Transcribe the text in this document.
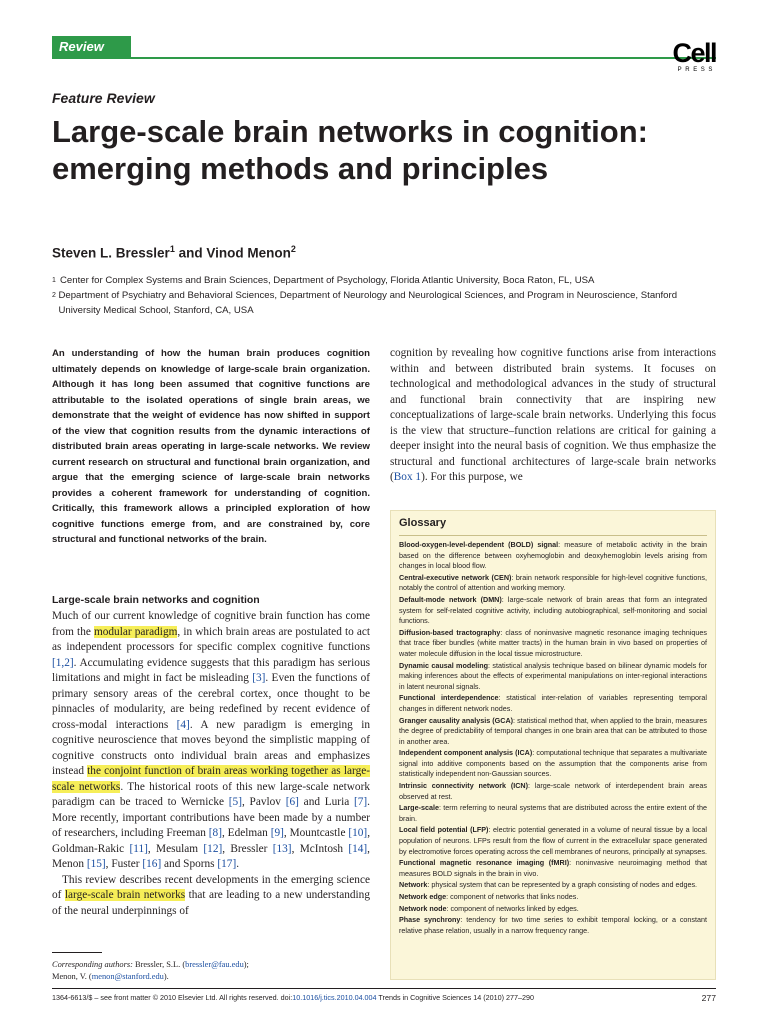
Review	Cell
PRESS
Feature Review
Large-scale brain networks in cognition: emerging methods and principles
Steven L. Bressler$^1$ and Vinod Menon$^2$
1 Center for Complex Systems and Brain Sciences, Department of Psychology, Florida Atlantic University, Boca Raton, FL, USA
2 Department of Psychiatry and Behavioral Sciences, Department of Neurology and Neurological Sciences, and Program in Neuroscience, Stanford University Medical School, Stanford, CA, USA

An understanding of how the human brain produces cognition ultimately depends on knowledge of large-scale brain organization. Although it has long been assumed that cognitive functions are attributable to the isolated operations of single brain areas, we demonstrate that the weight of evidence has now shifted in support of the view that cognition results from the dynamic interactions of distributed brain areas operating in large-scale networks. We review current research on structural and functional brain organization, and argue that the emerging science of large-scale brain networks provides a coherent framework for understanding of cognition. Critically, this framework allows a principled exploration of how cognitive functions emerge from, and are constrained by, core structural and functional networks of the brain.

Large-scale brain networks and cognition

Much of our current knowledge of cognitive brain function has come from the modular paradigm, in which brain areas are postulated to act as independent processors for specific complex cognitive functions [1,2]. Accumulating evidence suggests that this paradigm has serious limitations and might in fact be misleading [3]. Even the functions of primary sensory areas of the cerebral cortex, once thought to be pinnacles of modularity, are being redefined by recent evidence of cross-modal interactions [4]. A new paradigm is emerging in cognitive neuroscience that moves beyond the simplistic mapping of cognitive constructs onto individual brain areas and emphasizes instead the conjoint function of brain areas working together as large-scale networks. The historical roots of this new large-scale network paradigm can be traced to Wernicke [5], Pavlov [6] and Luria [7]. More recently, important contributions have been made by a number of researchers, including Freeman [8], Edelman [9], Mountcastle [10], Goldman-Rakic [11], Mesulam [12], Bressler [13], McIntosh [14], Menon [15], Fuster [16] and Sporns [17].

This review describes recent developments in the emerging science of large-scale brain networks that are leading to a new understanding of the neural underpinnings of

Corresponding authors: Bressler, S.L. (bressler@fau.edu);
Menon, V. (menon@stanford.edu).

cognition by revealing how cognitive functions arise from interactions within and between distributed brain systems. It focuses on technological and methodological advances in the study of structural and functional brain connectivity that are inspiring new conceptualizations of large-scale brain networks. Underlying this focus is the view that structure–function relations are critical for gaining a deeper insight into the neural basis of cognition. We thus emphasize the structural and functional architectures of large-scale brain networks (Box 1). For this purpose, we

Glossary

Blood-oxygen-level-dependent (BOLD) signal: measure of metabolic activity in the brain based on the difference between oxyhemoglobin and deoxyhemoglobin levels arising from changes in local blood flow.

Central-executive network (CEN): brain network responsible for high-level cognitive functions, notably the control of attention and working memory.

Default-mode network (DMN): large-scale network of brain areas that form an integrated system for self-related cognitive activity, including autobiographical, self-monitoring and social functions.

Diffusion-based tractography: class of noninvasive magnetic resonance imaging techniques that trace fiber bundles (white matter tracts) in the human brain in vivo based on properties of water molecule diffusion in the local tissue microstructure.

Dynamic causal modeling: statistical analysis technique based on bilinear dynamic models for making inferences about the effects of experimental manipulations on inter-regional interactions in latent neuronal signals.

Functional interdependence: statistical inter-relation of variables representing temporal changes in different network nodes.

Granger causality analysis (GCA): statistical method that, when applied to the brain, measures the degree of predictability of temporal changes in one brain area that can be attributed to those in another area.

Independent component analysis (ICA): computational technique that separates a multivariate signal into additive components based on the assumption that the components arise from statistically independent non-Gaussian sources.

Intrinsic connectivity network (ICN): large-scale network of interdependent brain areas observed at rest.

Large-scale: term referring to neural systems that are distributed across the entire extent of the brain.

Local field potential (LFP): electric potential generated in a volume of neural tissue by a local population of neurons. LFPs result from the flow of current in the extracellular space generated by electromotive forces operating across the cell membranes of neurons, principally at synapses.

Functional magnetic resonance imaging (fMRI): noninvasive neuroimaging method that measures BOLD signals in the brain in vivo.

Network: physical system that can be represented by a graph consisting of nodes and edges.

Network edge: component of networks that links nodes.

Network node: component of networks linked by edges.

Phase synchrony: tendency for two time series to exhibit temporal locking, or a constant relative phase relation, usually in a narrow frequency range.

1364-6613/$ – see front matter © 2010 Elsevier Ltd. All rights reserved. doi:10.1016/j.tics.2010.04.004 Trends in Cognitive Sciences 14 (2010) 277–290	277
